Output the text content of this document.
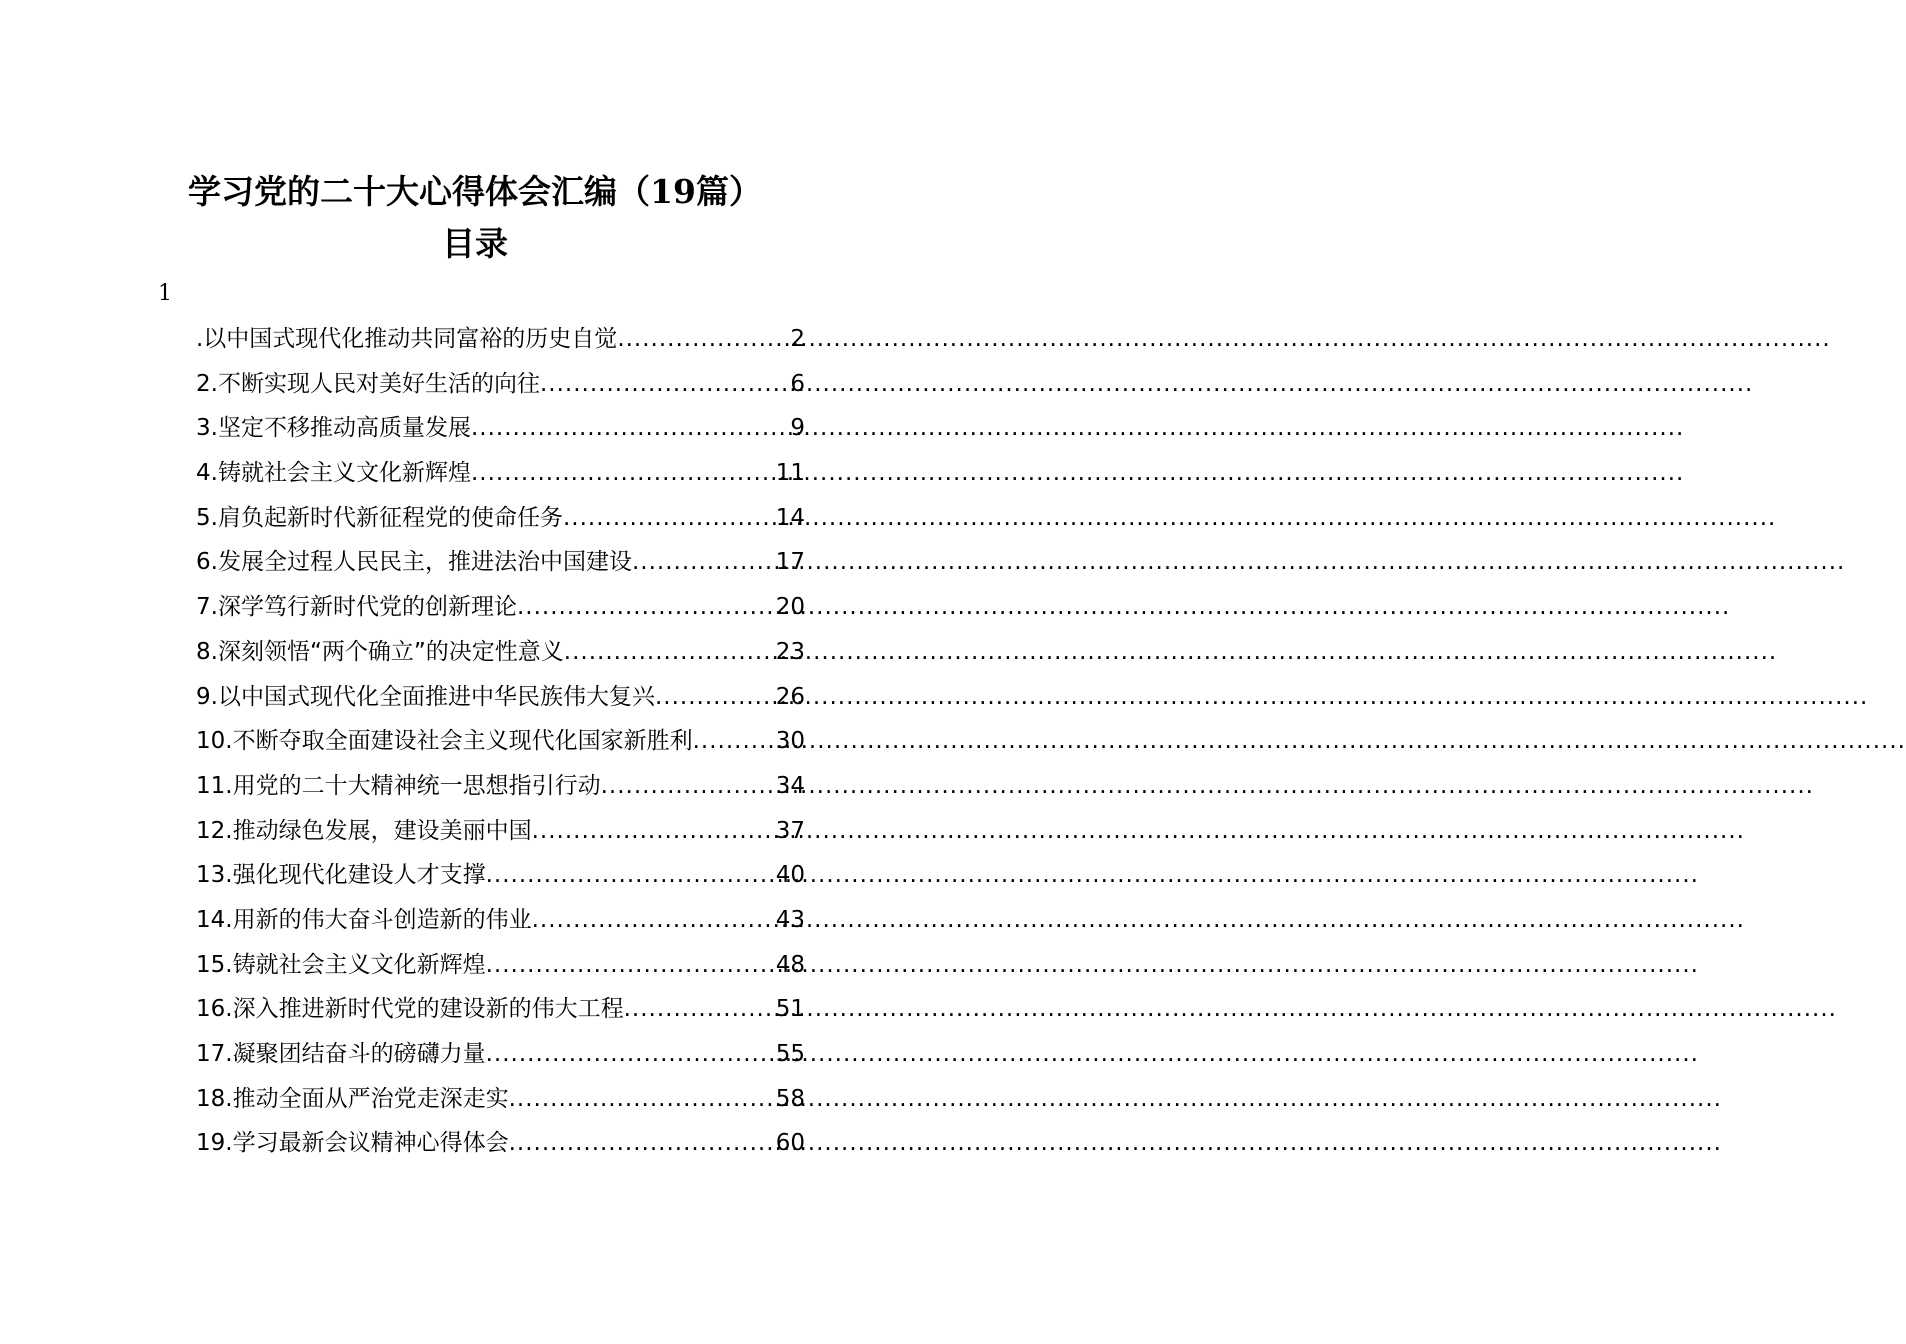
学习党的二十大心得体会汇编（19篇）
目录
1
.以中国式现代化推动共同富裕的历史自觉 .....	2
2.不断实现人民对美好生活的向往 .....	6
3.坚定不移推动高质量发展 .....	9
4.铸就社会主义文化新辉煌 .....	11
5.肩负起新时代新征程党的使命任务 .....	14
6.发展全过程人民民主，推进法治中国建设 .....	17
7.深学笃行新时代党的创新理论 .....	20
8.深刻领悟“两个确立”的决定性意义 .....	23
9.以中国式现代化全面推进中华民族伟大复兴 .....	26
10.不断夺取全面建设社会主义现代化国家新胜利 .....	30
11.用党的二十大精神统一思想指引行动 .....	34
12.推动绿色发展，建设美丽中国 .....	37
13.强化现代化建设人才支撑 .....	40
14.用新的伟大奋斗创造新的伟业 .....	43
15.铸就社会主义文化新辉煌 .....	48
16.深入推进新时代党的建设新的伟大工程 .....	51
17.凝聚团结奋斗的磅礴力量 .....	55
18.推动全面从严治党走深走实 .....	58
19.学习最新会议精神心得体会 .....	60
